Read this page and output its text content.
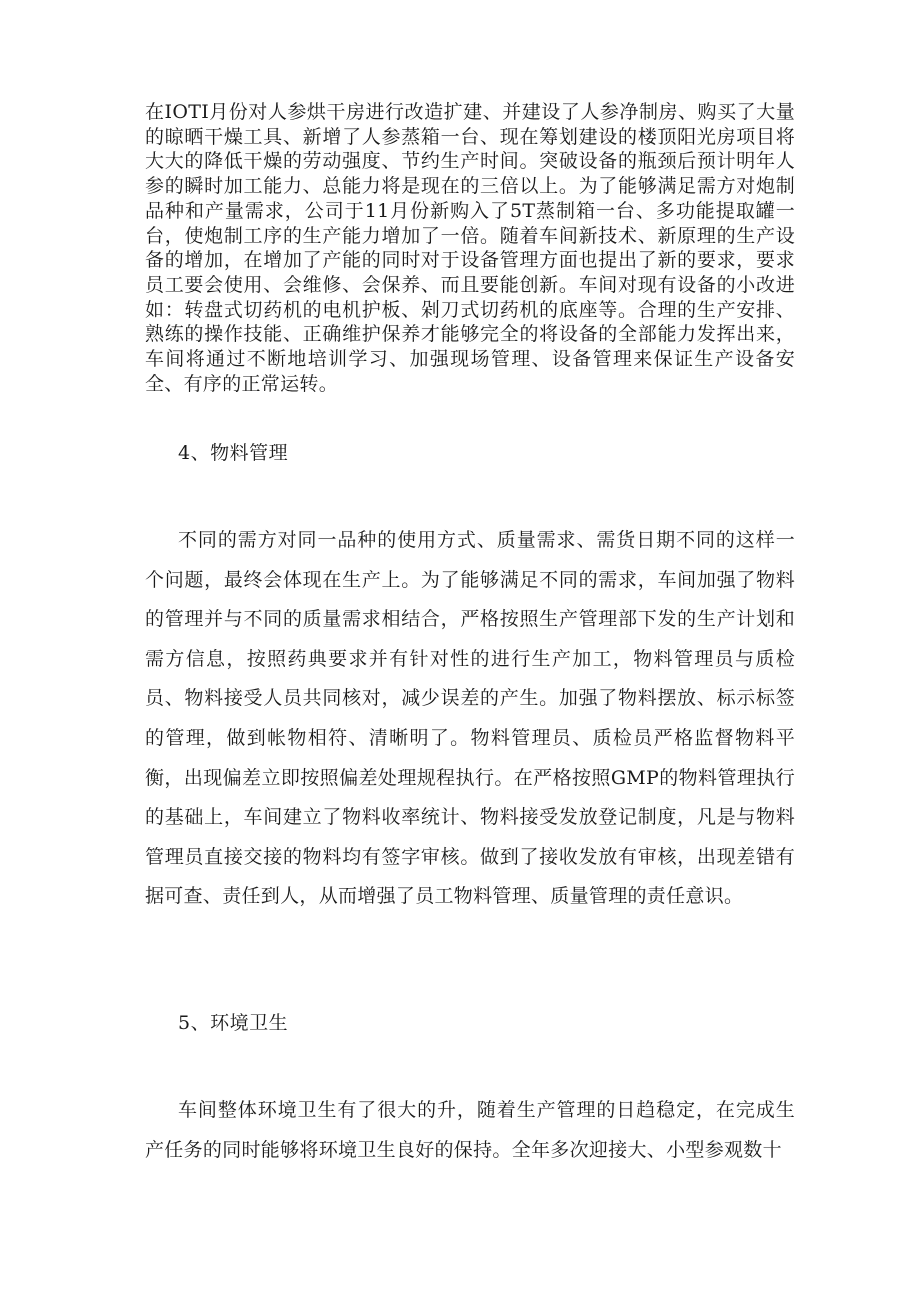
在IOTI月份对人参烘干房进行改造扩建、并建设了人参净制房、购买了大量的晾晒干燥工具、新增了人参蒸箱一台、现在筹划建设的楼顶阳光房项目将大大的降低干燥的劳动强度、节约生产时间。突破设备的瓶颈后预计明年人参的瞬时加工能力、总能力将是现在的三倍以上。为了能够满足需方对炮制品种和产量需求，公司于11月份新购入了5T蒸制箱一台、多功能提取罐一台，使炮制工序的生产能力增加了一倍。随着车间新技术、新原理的生产设备的增加，在增加了产能的同时对于设备管理方面也提出了新的要求，要求员工要会使用、会维修、会保养、而且要能创新。车间对现有设备的小改进如：转盘式切药机的电机护板、剁刀式切药机的底座等。合理的生产安排、熟练的操作技能、正确维护保养才能够完全的将设备的全部能力发挥出来，车间将通过不断地培训学习、加强现场管理、设备管理来保证生产设备安全、有序的正常运转。

4、物料管理

不同的需方对同一品种的使用方式、质量需求、需货日期不同的这样一个问题，最终会体现在生产上。为了能够满足不同的需求，车间加强了物料的管理并与不同的质量需求相结合，严格按照生产管理部下发的生产计划和需方信息，按照药典要求并有针对性的进行生产加工，物料管理员与质检员、物料接受人员共同核对，减少误差的产生。加强了物料摆放、标示标签的管理，做到帐物相符、清晰明了。物料管理员、质检员严格监督物料平衡，出现偏差立即按照偏差处理规程执行。在严格按照GMP的物料管理执行的基础上，车间建立了物料收率统计、物料接受发放登记制度，凡是与物料管理员直接交接的物料均有签字审核。做到了接收发放有审核，出现差错有据可查、责任到人，从而增强了员工物料管理、质量管理的责任意识。

5、环境卫生

车间整体环境卫生有了很大的升，随着生产管理的日趋稳定，在完成生产任务的同时能够将环境卫生良好的保持。全年多次迎接大、小型参观数十
